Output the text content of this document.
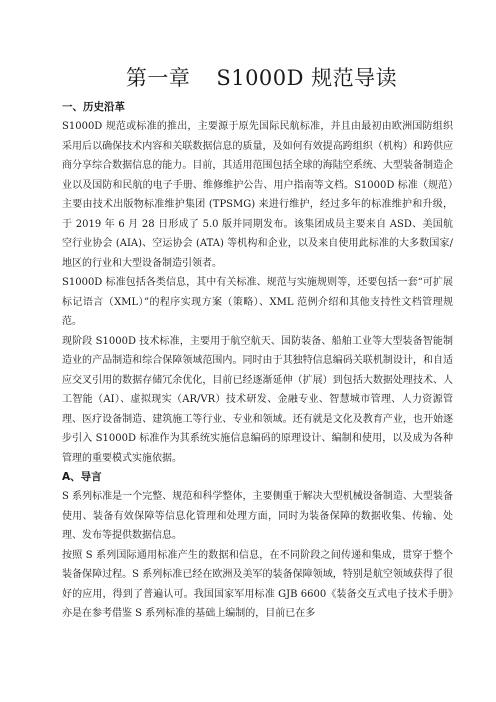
第一章 S1000D 规范导读

一、历史沿革

S1000D 规范或标准的推出，主要源于原先国际民航标准，并且由最初由欧洲国防组织采用后以确保技术内容和关联数据信息的质量，及如何有效提高跨组织（机构）和跨供应商分享综合数据信息的能力。目前，其适用范围包括全球的海陆空系统、大型装备制造企业以及国防和民航的电子手册、维修维护公告、用户指南等文档。S1000D 标准（规范）主要由技术出版物标准维护集团 (TPSMG) 来进行维护，经过多年的标准维护和升级，于 2019 年 6 月 28 日形成了 5.0 版并同期发布。该集团成员主要来自 ASD、美国航空行业协会 (AIA)、空运协会 (ATA) 等机构和企业，以及来自使用此标准的大多数国家/地区的行业和大型设备制造引领者。

S1000D 标准包括各类信息，其中有关标准、规范与实施规则等，还要包括一套“可扩展标记语言（XML）”的程序实现方案（策略）、XML 范例介绍和其他支持性文档管理规范。

现阶段 S1000D 技术标准，主要用于航空航天、国防装备、船舶工业等大型装备智能制造业的产品制造和综合保障领域范围内。同时由于其独特信息编码关联机制设计，和自适应交叉引用的数据存储冗余优化，目前已经逐渐延伸（扩展）到包括大数据处理技术、人工智能（AI）、虚拟现实（AR/VR）技术研发、金融专业、智慧城市管理、人力资源管理、医疗设备制造、建筑施工等行业、专业和领域。还有就是文化及教育产业，也开始逐步引入 S1000D 标准作为其系统实施信息编码的原理设计、编制和使用，以及成为各种管理的重要模式实施依据。

A、导言

S 系列标准是一个完整、规范和科学整体，主要侧重于解决大型机械设备制造、大型装备使用、装备有效保障等信息化管理和处理方面，同时为装备保障的数据收集、传输、处理、发布等提供数据信息。

按照 S 系列国际通用标准产生的数据和信息，在不同阶段之间传递和集成，贯穿于整个装备保障过程。S 系列标准已经在欧洲及美军的装备保障领域，特别是航空领域获得了很好的应用，得到了普遍认可。我国国家军用标准 GJB 6600《装备交互式电子技术手册》亦是在参考借鉴 S 系列标准的基础上编制的，目前已在多
